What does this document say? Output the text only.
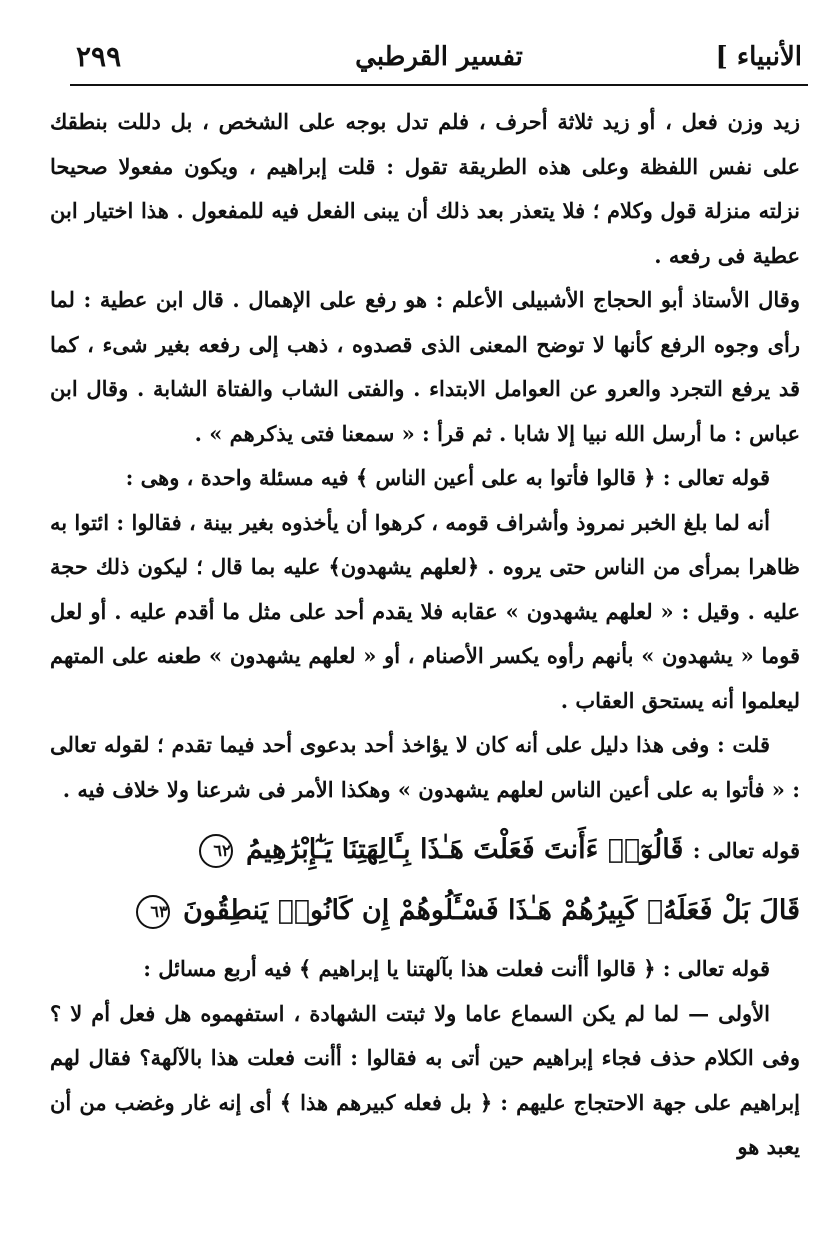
الأنبياء ]
تفسير القرطبي
٢٩٩

زيد وزن فعل ، أو زيد ثلاثة أحرف ، فلم تدل بوجه على الشخص ، بل دللت بنطقك على نفس اللفظة وعلى هذه الطريقة تقول : قلت إبراهيم ، ويكون مفعولا صحيحا نزلته منزلة قول وكلام ؛ فلا يتعذر بعد ذلك أن يبنى الفعل فيه للمفعول . هذا اختيار ابن عطية فى رفعه .

وقال الأستاذ أبو الحجاج الأشبيلى الأعلم : هو رفع على الإهمال . قال ابن عطية : لما رأى وجوه الرفع كأنها لا توضح المعنى الذى قصدوه ، ذهب إلى رفعه بغير شىء ، كما قد يرفع التجرد والعرو عن العوامل الابتداء . والفتى الشاب والفتاة الشابة . وقال ابن عباس : ما أرسل الله نبيا إلا شابا . ثم قرأ : « سمعنا فتى يذكرهم » .

قوله تعالى : ﴿ قالوا فأتوا به على أعين الناس ﴾ فيه مسئلة واحدة ، وهى :

أنه لما بلغ الخبر نمروذ وأشراف قومه ، كرهوا أن يأخذوه بغير بينة ، فقالوا : ائتوا به ظاهرا بمرأى من الناس حتى يروه . ﴿لعلهم يشهدون﴾ عليه بما قال ؛ ليكون ذلك حجة عليه . وقيل : « لعلهم يشهدون » عقابه فلا يقدم أحد على مثل ما أقدم عليه . أو لعل قوما « يشهدون » بأنهم رأوه يكسر الأصنام ، أو « لعلهم يشهدون » طعنه على المتهم ليعلموا أنه يستحق العقاب .

قلت : وفى هذا دليل على أنه كان لا يؤاخذ أحد بدعوى أحد فيما تقدم ؛ لقوله تعالى : « فأتوا به على أعين الناس لعلهم يشهدون » وهكذا الأمر فى شرعنا ولا خلاف فيه .

قوله تعالى : قَالُوٓا۟ ءَأَنتَ فَعَلْتَ هَـٰذَا بِـَٔالِهَتِنَا يَـٰٓإِبْرَٰهِيمُ ٦٢
قَالَ بَلْ فَعَلَهُۥ كَبِيرُهُمْ هَـٰذَا فَسْـَٔلُوهُمْ إِن كَانُوا۟ يَنطِقُونَ ٦٣

قوله تعالى : ﴿ قالوا أأنت فعلت هذا بآلهتنا يا إبراهيم ﴾ فيه أربع مسائل :

الأولى — لما لم يكن السماع عاما ولا ثبتت الشهادة ، استفهموه هل فعل أم لا ؟ وفى الكلام حذف فجاء إبراهيم حين أتى به فقالوا : أأنت فعلت هذا بالآلهة؟ فقال لهم إبراهيم على جهة الاحتجاج عليهم : ﴿ بل فعله كبيرهم هذا ﴾ أى إنه غار وغضب من أن يعبد هو
